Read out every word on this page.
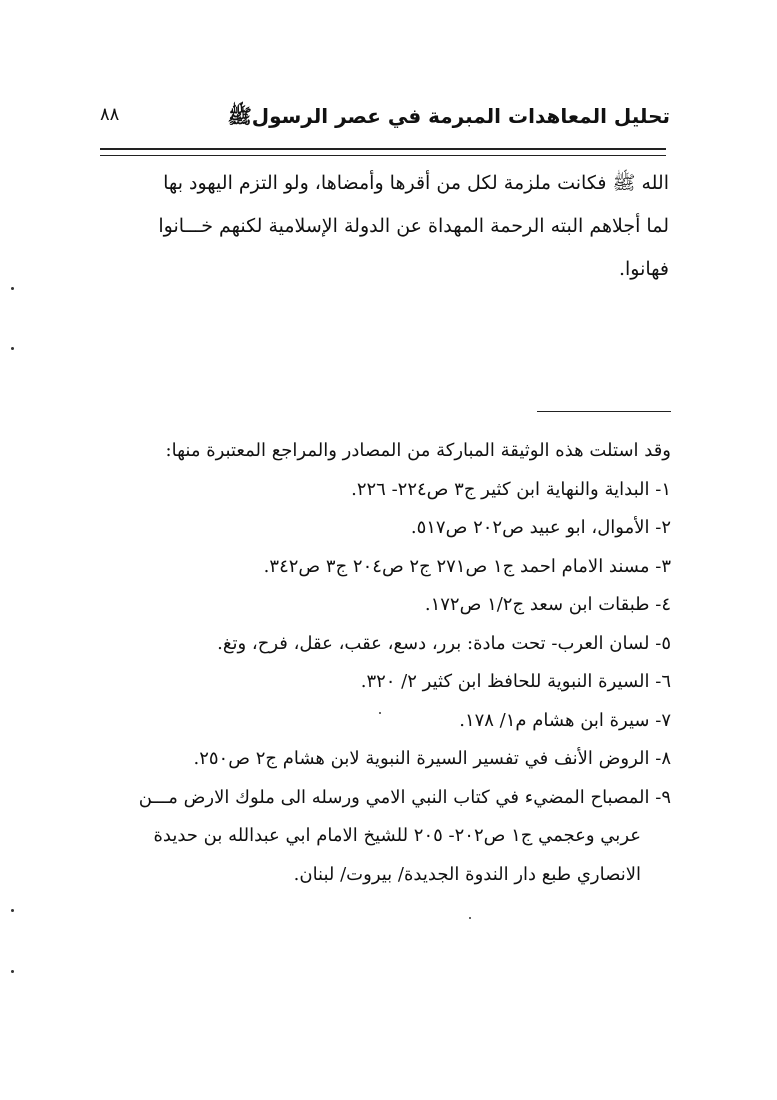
تحليل المعاهدات المبرمة في عصر الرسولﷺ
٨٨

الله ﷺ فكانت ملزمة لكل من أقرها وأمضاها، ولو التزم اليهود بها

لما أجلاهم البته الرحمة المهداة عن الدولة الإسلامية لكنهم خـــانوا

فهانوا.

وقد استلت هذه الوثيقة المباركة من المصادر والمراجع المعتبرة منها:
١- البداية والنهاية ابن كثير ج٣ ص٢٢٤- ٢٢٦.
٢- الأموال، ابو عبيد ص٢٠٢ ص٥١٧.
٣- مسند الامام احمد ج١ ص٢٧١ ج٢ ص٢٠٤ ج٣ ص٣٤٢.
٤- طبقات ابن سعد ج١/٢ ص١٧٢.
٥- لسان العرب- تحت مادة: برر، دسع، عقب، عقل، فرح، وتغ.
٦- السيرة النبوية للحافظ ابن كثير ٢/ ٣٢٠.
٧- سيرة ابن هشام م١/ ١٧٨.
٨- الروض الأنف في تفسير السيرة النبوية لابن هشام ج٢ ص٢٥٠.
٩- المصباح المضيء في كتاب النبي الامي ورسله الى ملوك الارض مـــن
عربي وعجمي ج١ ص٢٠٢- ٢٠٥ للشيخ الامام ابي عبدالله بن حديدة
الانصاري طبع دار الندوة الجديدة/ بيروت/ لبنان.
